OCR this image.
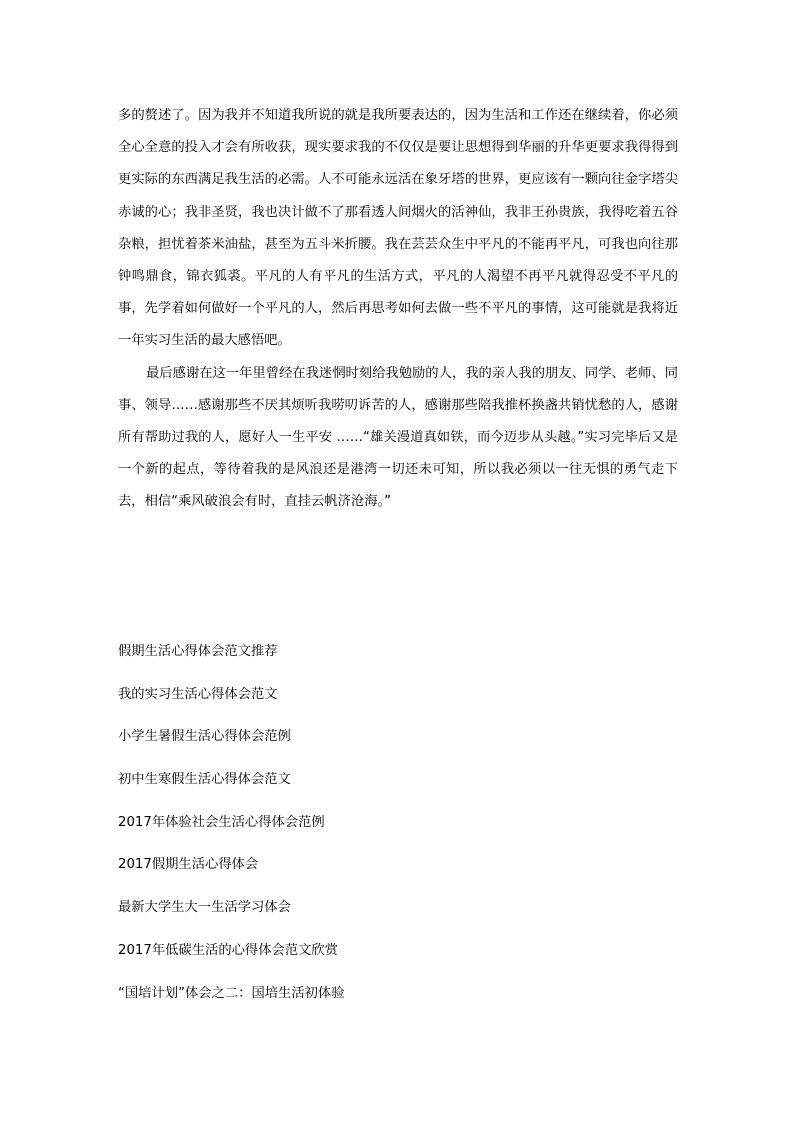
多的赘述了。因为我并不知道我所说的就是我所要表达的，因为生活和工作还在继续着，你必须全心全意的投入才会有所收获，现实要求我的不仅仅是要让思想得到华丽的升华更要求我得得到更实际的东西满足我生活的必需。人不可能永远活在象牙塔的世界，更应该有一颗向往金字塔尖赤诚的心；我非圣贤，我也决计做不了那看透人间烟火的活神仙，我非王孙贵族，我得吃着五谷杂粮，担忧着茶米油盐，甚至为五斗米折腰。我在芸芸众生中平凡的不能再平凡，可我也向往那钟鸣鼎食，锦衣狐裘。平凡的人有平凡的生活方式，平凡的人渴望不再平凡就得忍受不平凡的事，先学着如何做好一个平凡的人，然后再思考如何去做一些不平凡的事情，这可能就是我将近一年实习生活的最大感悟吧。

最后感谢在这一年里曾经在我迷惘时刻给我勉励的人，我的亲人我的朋友、同学、老师、同事、领导……感谢那些不厌其烦听我唠叨诉苦的人，感谢那些陪我推杯换盏共销忧愁的人，感谢所有帮助过我的人，愿好人一生平安 ……“雄关漫道真如铁，而今迈步从头越。”实习完毕后又是一个新的起点，等待着我的是风浪还是港湾一切还未可知，所以我必须以一往无惧的勇气走下去，相信“乘风破浪会有时，直挂云帆济沧海。”

假期生活心得体会范文推荐
我的实习生活心得体会范文
小学生暑假生活心得体会范例
初中生寒假生活心得体会范文
2017年体验社会生活心得体会范例
2017假期生活心得体会
最新大学生大一生活学习体会
2017年低碳生活的心得体会范文欣赏
“国培计划”体会之二：国培生活初体验
